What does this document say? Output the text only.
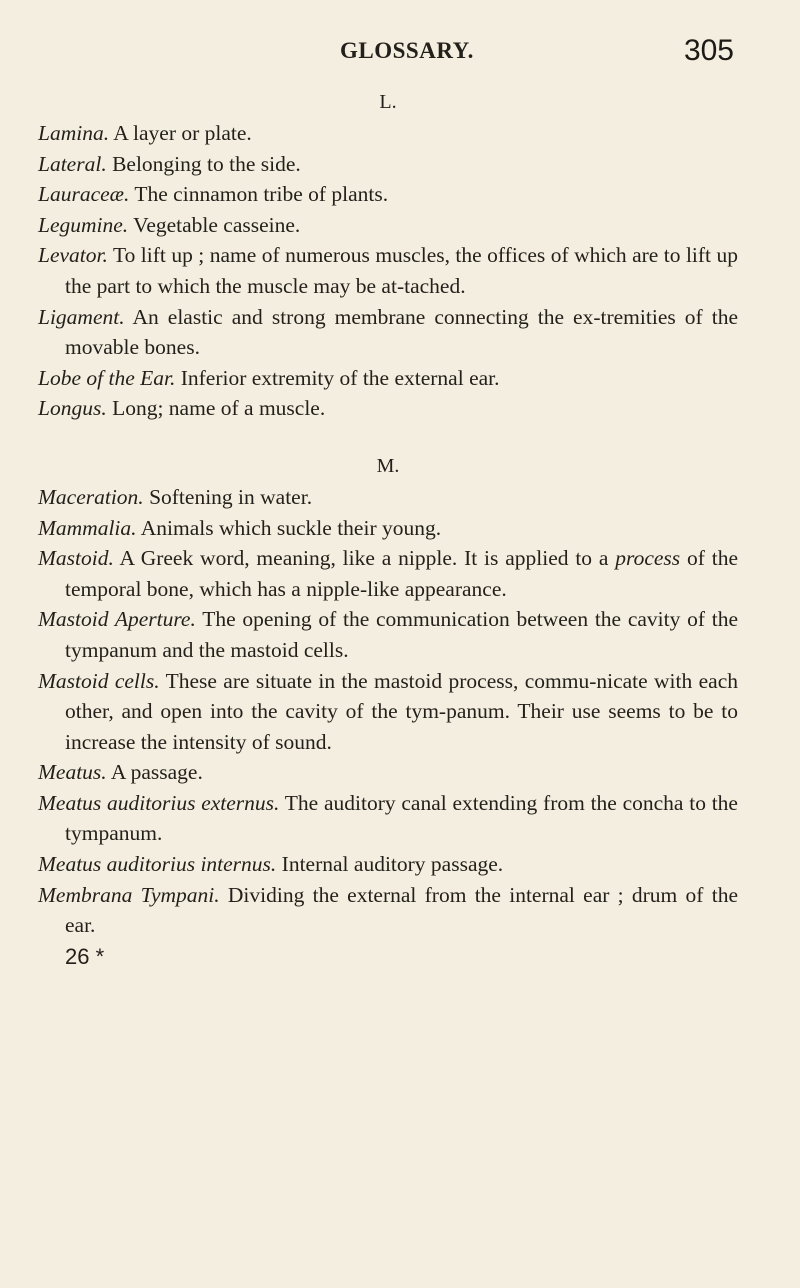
GLOSSARY.	305
L.

Lamina. A layer or plate.

Lateral. Belonging to the side.

Lauraceæ. The cinnamon tribe of plants.

Legumine. Vegetable casseine.

Levator. To lift up ; name of numerous muscles, the offices of which are to lift up the part to which the muscle may be at-tached.

Ligament. An elastic and strong membrane connecting the ex-tremities of the movable bones.

Lobe of the Ear. Inferior extremity of the external ear.

Longus. Long; name of a muscle.

M.

Maceration. Softening in water.

Mammalia. Animals which suckle their young.

Mastoid. A Greek word, meaning, like a nipple. It is applied to a process of the temporal bone, which has a nipple-like appearance.

Mastoid Aperture. The opening of the communication between the cavity of the tympanum and the mastoid cells.

Mastoid cells. These are situate in the mastoid process, commu-nicate with each other, and open into the cavity of the tym-panum. Their use seems to be to increase the intensity of sound.

Meatus. A passage.

Meatus auditorius externus. The auditory canal extending from the concha to the tympanum.

Meatus auditorius internus. Internal auditory passage.

Membrana Tympani. Dividing the external from the internal ear ; drum of the ear.

26 *
